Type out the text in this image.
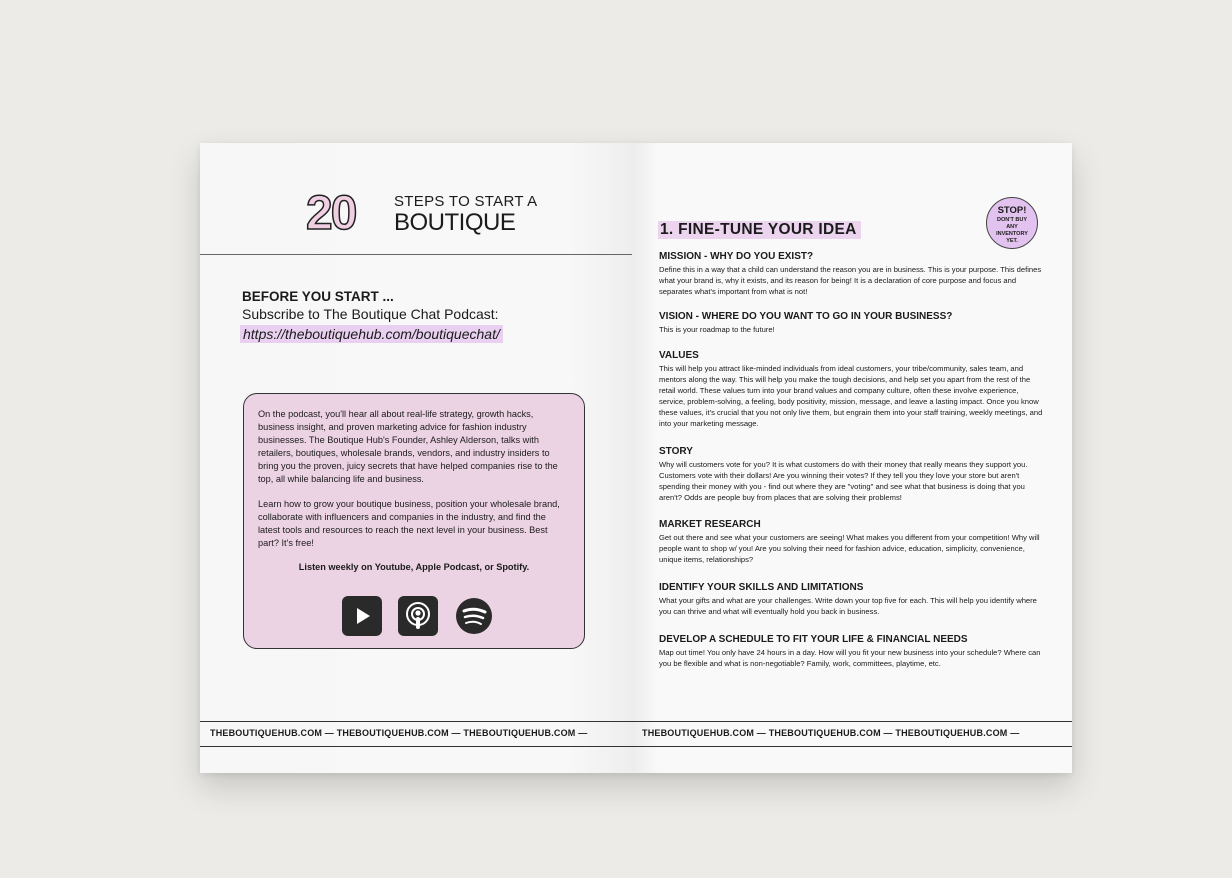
20	STEPS TO START A
BOUTIQUE
BEFORE YOU START ...
Subscribe to The Boutique Chat Podcast:
https://theboutiquehub.com/boutiquechat/

On the podcast, you'll hear all about real-life strategy, growth hacks, business insight, and proven marketing advice for fashion industry businesses. The Boutique Hub's Founder, Ashley Alderson, talks with retailers, boutiques, wholesale brands, vendors, and industry insiders to bring you the proven, juicy secrets that have helped companies rise to the top, all while balancing life and business.

Learn how to grow your boutique business, position your wholesale brand, collaborate with influencers and companies in the industry, and find the latest tools and resources to reach the next level in your business. Best part? It's free!

Listen weekly on Youtube, Apple Podcast, or Spotify.
THEBOUTIQUEHUB.COM — THEBOUTIQUEHUB.COM — THEBOUTIQUEHUB.COM —
1. FINE-TUNE YOUR IDEA
STOP!
DON'T BUY ANY INVENTORY YET.
MISSION - WHY DO YOU EXIST?
Define this in a way that a child can understand the reason you are in business. This is your purpose. This defines what your brand is, why it exists, and its reason for being! It is a declaration of core purpose and focus and separates what's important from what is not!
VISION - WHERE DO YOU WANT TO GO IN YOUR BUSINESS?
This is your roadmap to the future!
VALUES
This will help you attract like-minded individuals from ideal customers, your tribe/community, sales team, and mentors along the way. This will help you make the tough decisions, and help set you apart from the rest of the retail world. These values turn into your brand values and company culture, often these involve experience, service, problem-solving, a feeling, body positivity, mission, message, and leave a lasting impact. Once you know these values, it's crucial that you not only live them, but engrain them into your staff training, weekly meetings, and into your marketing message.
STORY
Why will customers vote for you? It is what customers do with their money that really means they support you. Customers vote with their dollars! Are you winning their votes? If they tell you they love your store but aren't spending their money with you - find out where they are "voting" and see what that business is doing that you aren't? Odds are people buy from places that are solving their problems!
MARKET RESEARCH
Get out there and see what your customers are seeing! What makes you different from your competition! Why will people want to shop w/ you! Are you solving their need for fashion advice, education, simplicity, convenience, unique items, relationships?
IDENTIFY YOUR SKILLS AND LIMITATIONS
What your gifts and what are your challenges. Write down your top five for each. This will help you identify where you can thrive and what will eventually hold you back in business.
DEVELOP A SCHEDULE TO FIT YOUR LIFE & FINANCIAL NEEDS
Map out time! You only have 24 hours in a day. How will you fit your new business into your schedule? Where can you be flexible and what is non-negotiable? Family, work, committees, playtime, etc.
THEBOUTIQUEHUB.COM — THEBOUTIQUEHUB.COM — THEBOUTIQUEHUB.COM —
